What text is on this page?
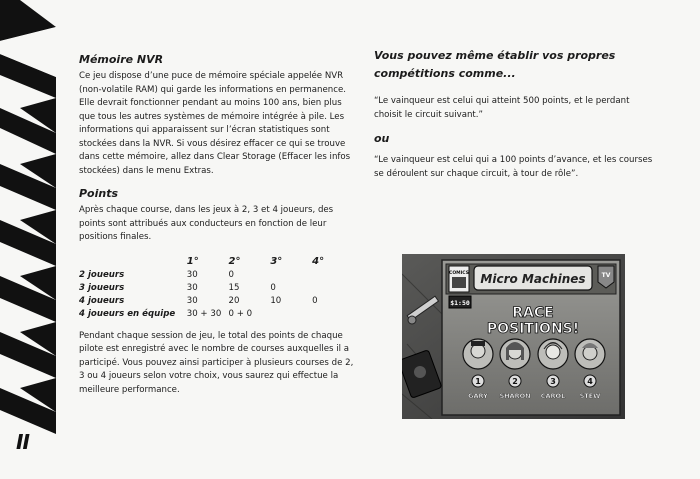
II
Mémoire NVR

Ce jeu dispose d’une puce de mémoire spéciale appelée NVR (non-volatile RAM) qui garde les informations en permanence. Elle devrait fonctionner pendant au moins 100 ans, bien plus que tous les autres systèmes de mémoire intégrée à pile. Les informations qui apparaissent sur l’écran statistiques sont stockées dans la NVR. Si vous désirez effacer ce qui se trouve dans cette mémoire, allez dans Clear Storage (Effacer les infos stockées) dans le menu Extras.

Points

Après chaque course, dans les jeux à 2, 3 et 4 joueurs, des points sont attribués aux conducteurs en fonction de leur positions finales.

	1°	2°	3°	4°
2 joueurs	30	0		
3 joueurs	30	15	0	
4 joueurs	30	20	10	0
4 joueurs en équipe	30 + 30	0 + 0		

Pendant chaque session de jeu, le total des points de chaque pilote est enregistré avec le nombre de courses auxquelles il a participé. Vous pouvez ainsi participer à plusieurs courses de 2, 3 ou 4 joueurs selon votre choix, vous saurez qui effectue la meilleure performance.

Vous pouvez même établir vos propres compétitions comme...

“Le vainqueur est celui qui atteint 500 points, et le perdant choisit le circuit suivant.”

ou

“Le vainqueur est celui qui a 100 points d’avance, et les courses se déroulent sur chaque circuit, à tour de rôle”.

COMICS Micro Machines	TV
$1:50
RACE
POSITIONS!
1
GARY
2
SHARON
3
CAROL
4
STEW
